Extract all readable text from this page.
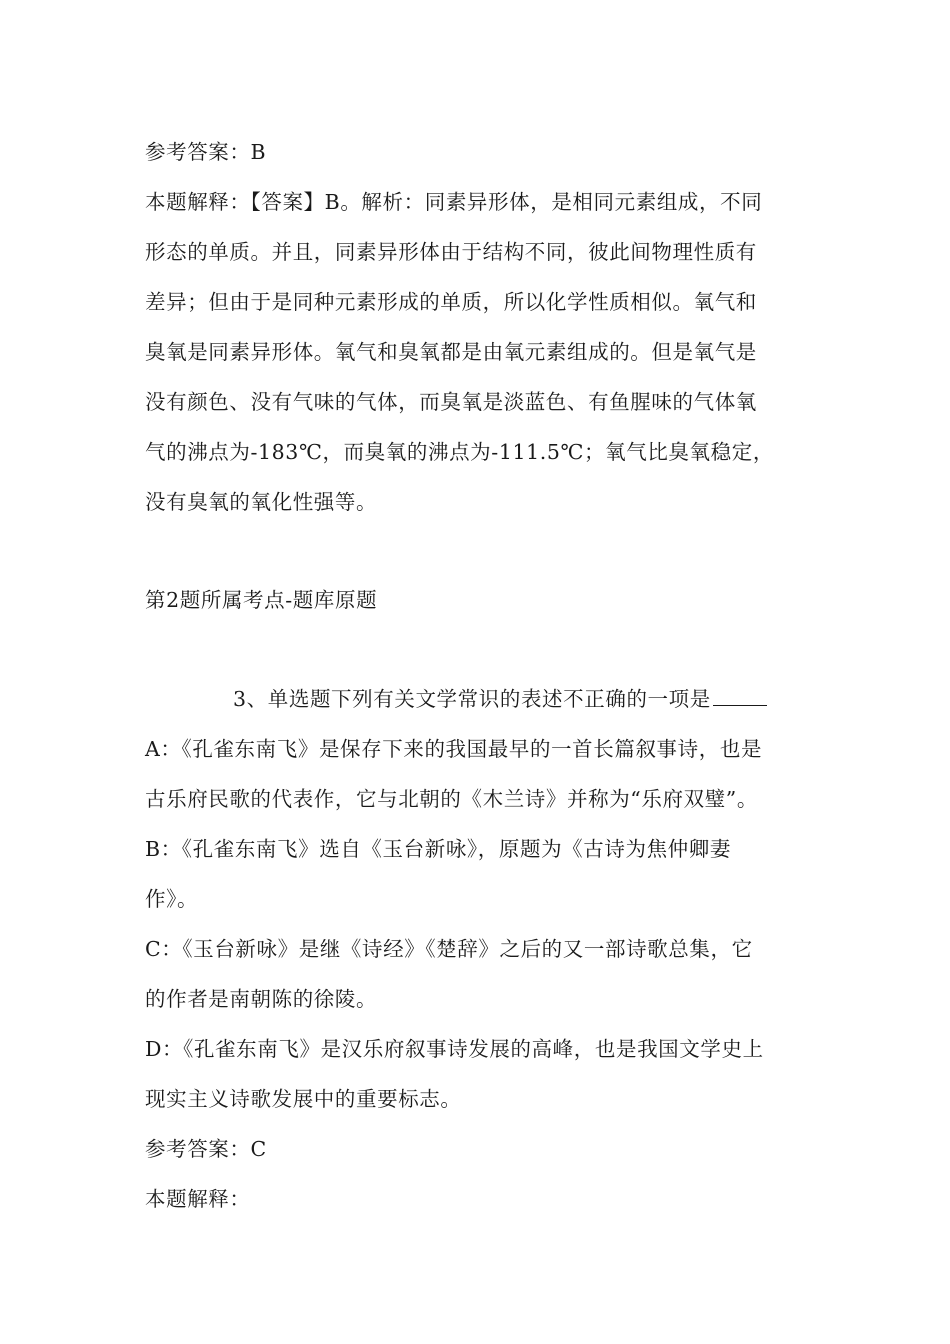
参考答案：B
本题解释：【答案】B。解析：同素异形体，是相同元素组成，不同
形态的单质。并且，同素异形体由于结构不同，彼此间物理性质有
差异；但由于是同种元素形成的单质，所以化学性质相似。氧气和
臭氧是同素异形体。氧气和臭氧都是由氧元素组成的。但是氧气是
没有颜色、没有气味的气体，而臭氧是淡蓝色、有鱼腥味的气体氧
气的沸点为-183℃，而臭氧的沸点为-111.5℃；氧气比臭氧稳定，
没有臭氧的氧化性强等。
第2题所属考点-题库原题
3、单选题下列有关文学常识的表述不正确的一项是
A：《孔雀东南飞》是保存下来的我国最早的一首长篇叙事诗，也是
古乐府民歌的代表作，它与北朝的《木兰诗》并称为“乐府双璧”。
B：《孔雀东南飞》选自《玉台新咏》，原题为《古诗为焦仲卿妻
作》。
C：《玉台新咏》是继《诗经》《楚辞》之后的又一部诗歌总集，它
的作者是南朝陈的徐陵。
D：《孔雀东南飞》是汉乐府叙事诗发展的高峰，也是我国文学史上
现实主义诗歌发展中的重要标志。
参考答案：C
本题解释：
